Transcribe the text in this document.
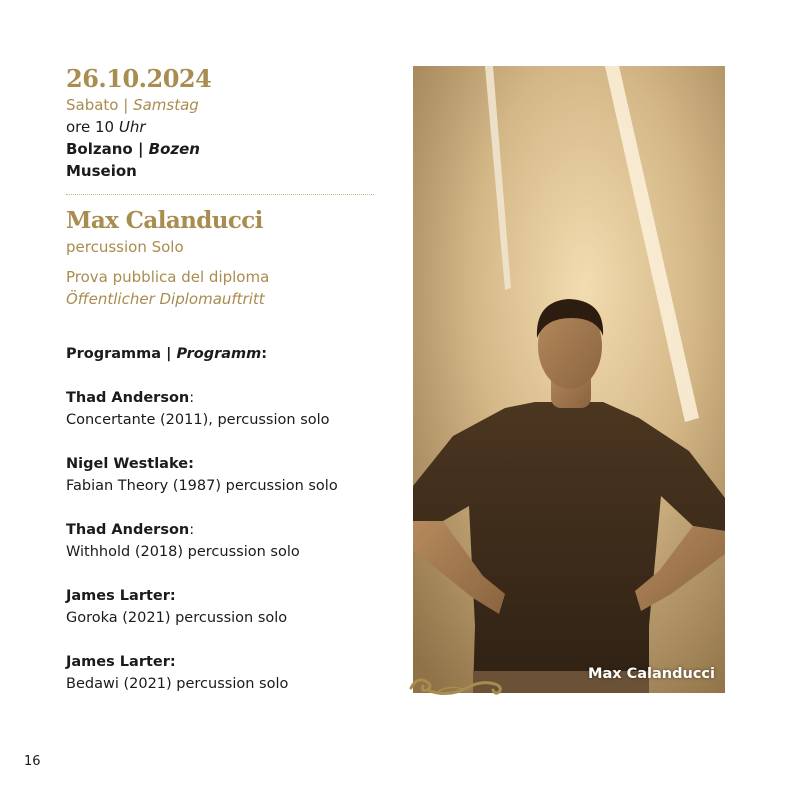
26.10.2024
Sabato | Samstag
ore 10 Uhr
Bolzano | Bozen
Museion
Max Calanducci
percussion Solo
Prova pubblica del diploma
Öffentlicher Diplomauftritt
Programma | Programm:
Thad Anderson:
Concertante (2011), percussion solo
Nigel Westlake:
Fabian Theory (1987) percussion solo
Thad Anderson:
Withhold (2018) percussion solo
James Larter:
Goroka (2021) percussion solo
James Larter:
Bedawi (2021) percussion solo
Max Calanducci
16
